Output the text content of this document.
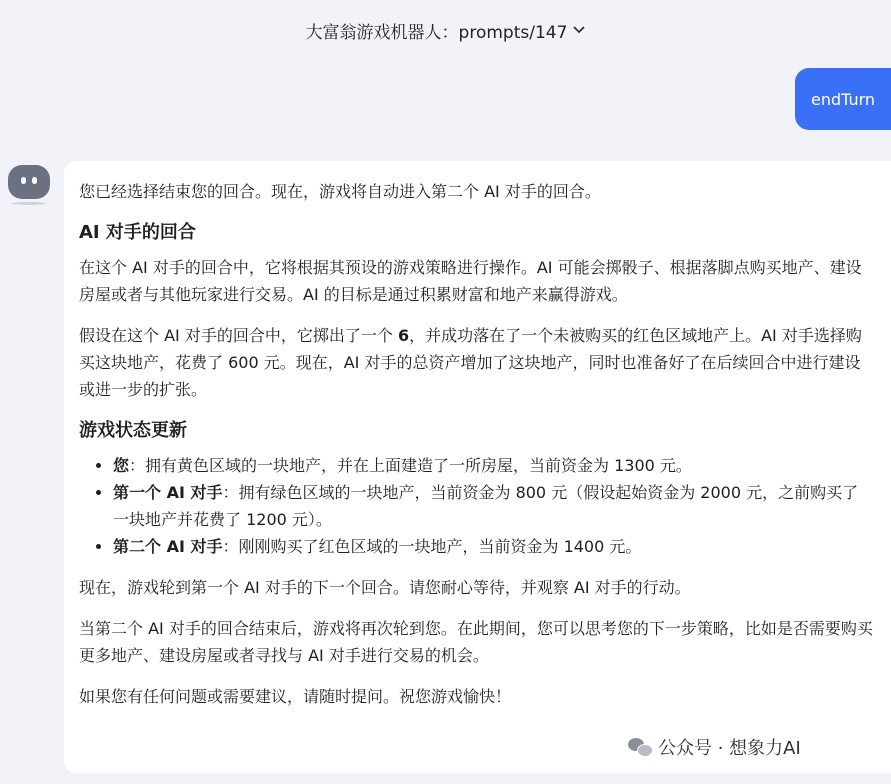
大富翁游戏机器人：prompts/147
endTurn

您已经选择结束您的回合。现在，游戏将自动进入第二个 AI 对手的回合。

AI 对手的回合

在这个 AI 对手的回合中，它将根据其预设的游戏策略进行操作。AI 可能会掷骰子、根据落脚点购买地产、建设房屋或者与其他玩家进行交易。AI 的目标是通过积累财富和地产来赢得游戏。

假设在这个 AI 对手的回合中，它掷出了一个 6，并成功落在了一个未被购买的红色区域地产上。AI 对手选择购买这块地产，花费了 600 元。现在，AI 对手的总资产增加了这块地产，同时也准备好了在后续回合中进行建设或进一步的扩张。

游戏状态更新
• 您：拥有黄色区域的一块地产，并在上面建造了一所房屋，当前资金为 1300 元。
• 第一个 AI 对手：拥有绿色区域的一块地产，当前资金为 800 元（假设起始资金为 2000 元，之前购买了一块地产并花费了 1200 元）。
• 第二个 AI 对手：刚刚购买了红色区域的一块地产，当前资金为 1400 元。

现在，游戏轮到第一个 AI 对手的下一个回合。请您耐心等待，并观察 AI 对手的行动。

当第二个 AI 对手的回合结束后，游戏将再次轮到您。在此期间，您可以思考您的下一步策略，比如是否需要购买更多地产、建设房屋或者寻找与 AI 对手进行交易的机会。

如果您有任何问题或需要建议，请随时提问。祝您游戏愉快！

公众号 · 想象力AI
